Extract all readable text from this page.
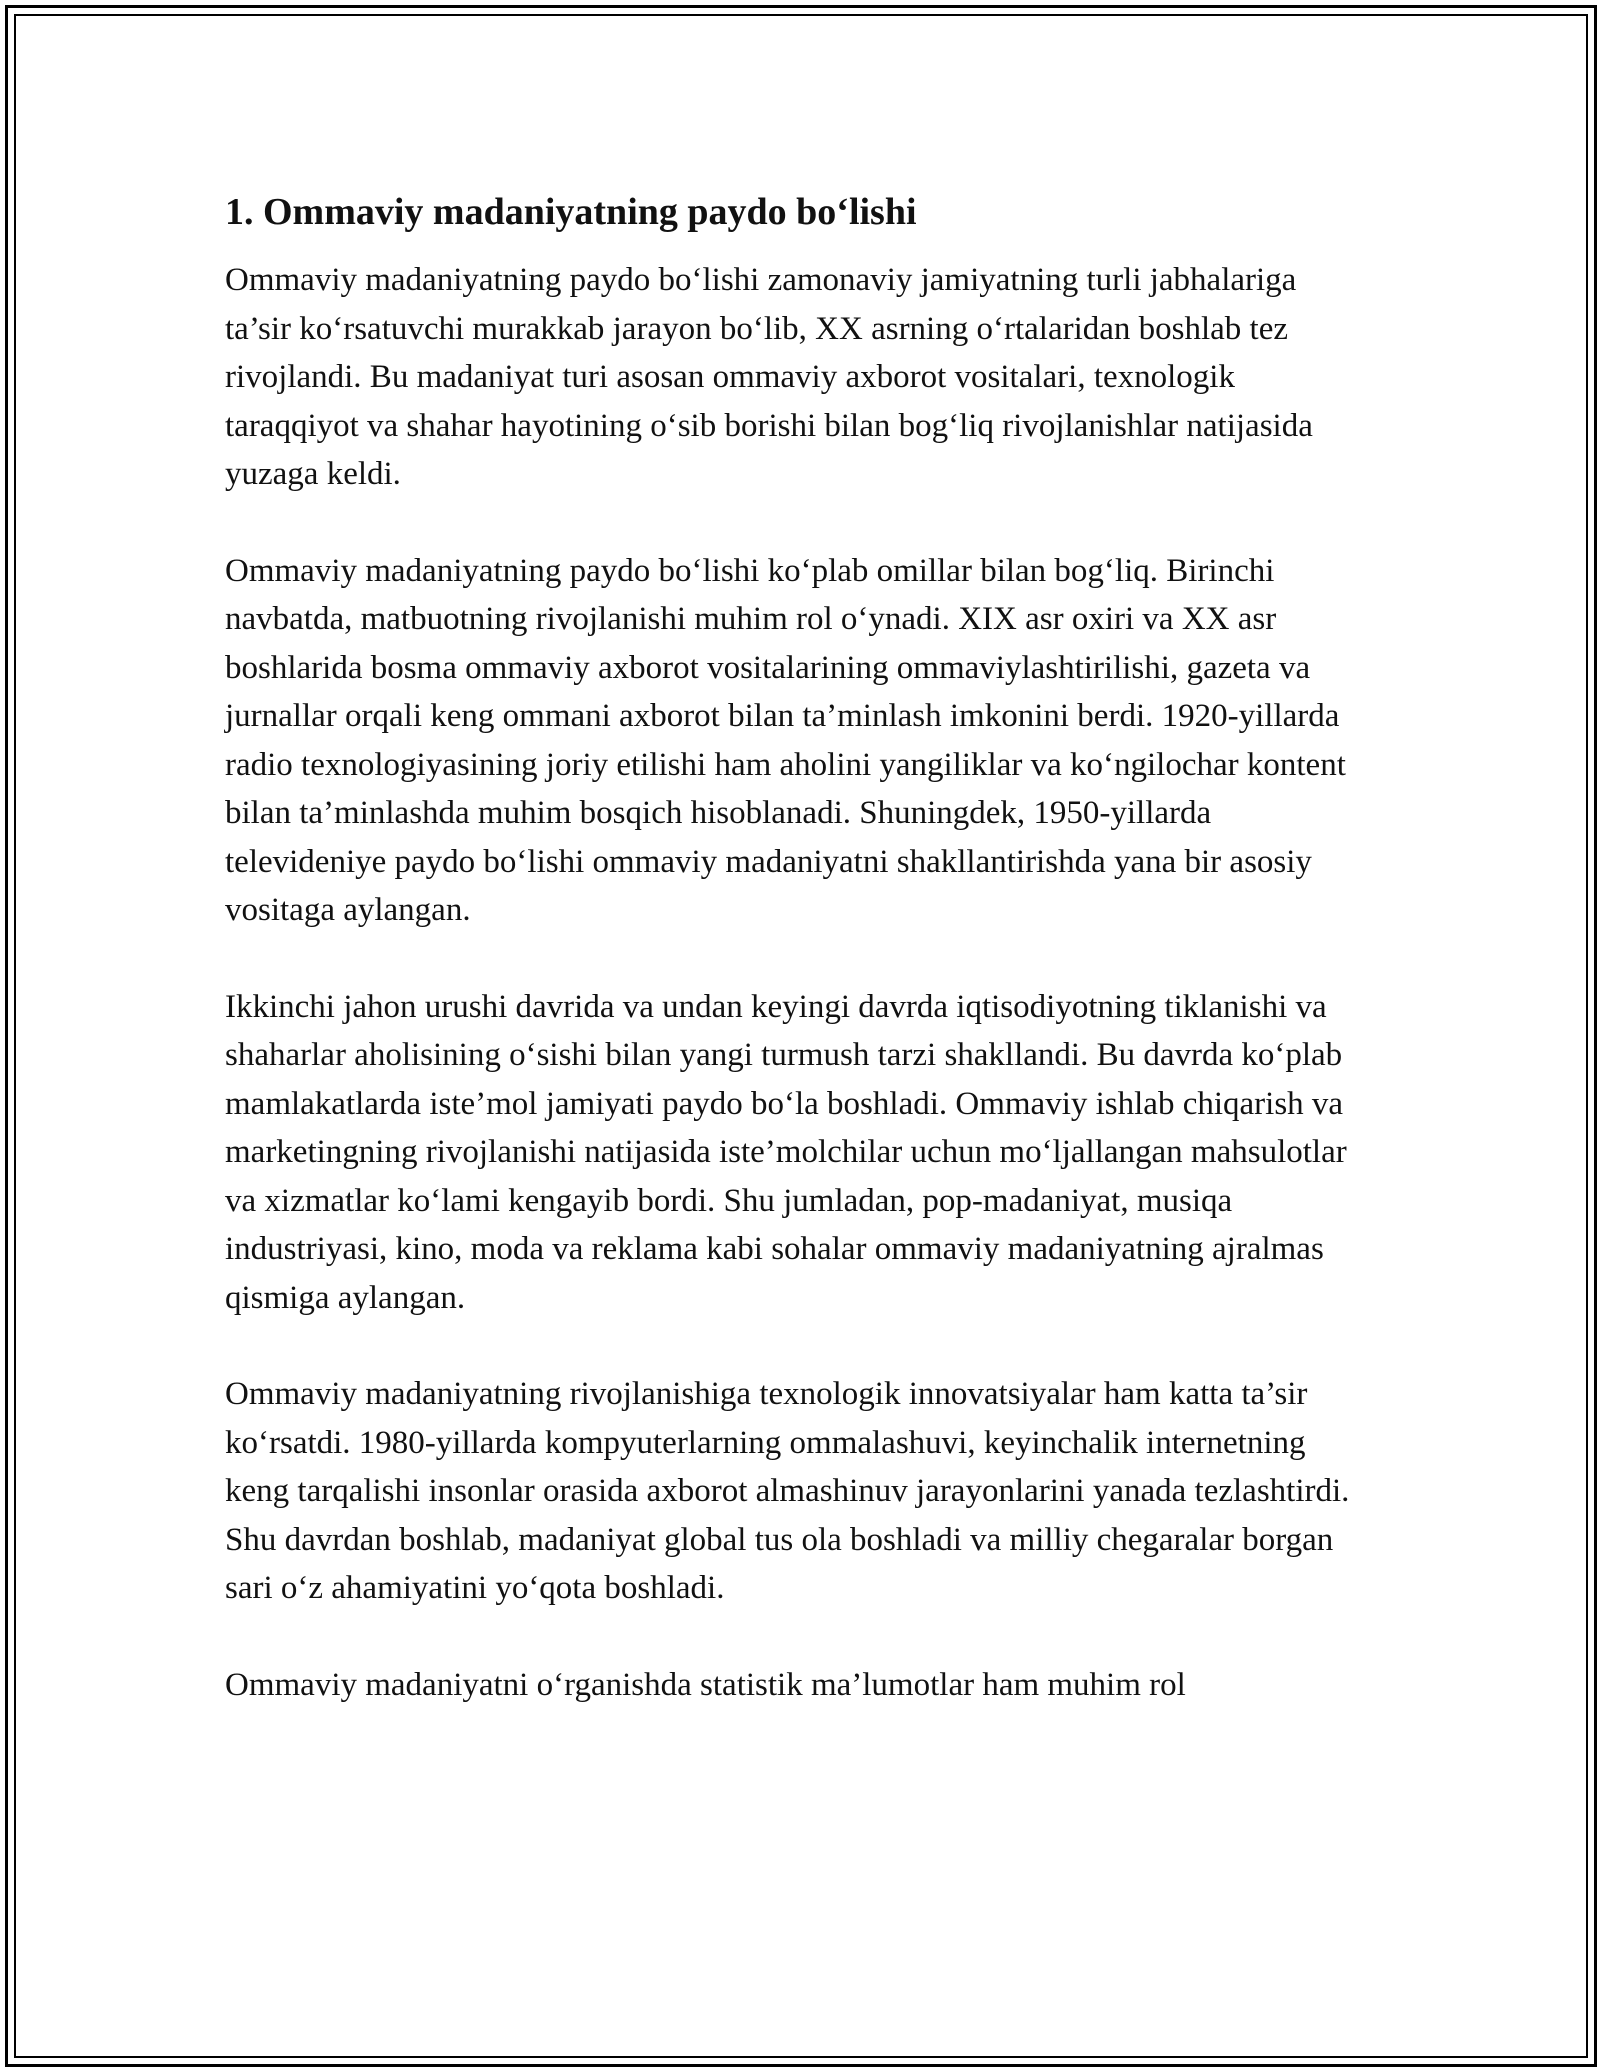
1. Ommaviy madaniyatning paydo bo‘lishi

Ommaviy madaniyatning paydo bo‘lishi zamonaviy jamiyatning turli jabhalariga ta’sir ko‘rsatuvchi murakkab jarayon bo‘lib, XX asrning o‘rtalaridan boshlab tez rivojlandi. Bu madaniyat turi asosan ommaviy axborot vositalari, texnologik taraqqiyot va shahar hayotining o‘sib borishi bilan bog‘liq rivojlanishlar natijasida yuzaga keldi.

Ommaviy madaniyatning paydo bo‘lishi ko‘plab omillar bilan bog‘liq. Birinchi navbatda, matbuotning rivojlanishi muhim rol o‘ynadi. XIX asr oxiri va XX asr boshlarida bosma ommaviy axborot vositalarining ommaviylashtirilishi, gazeta va jurnallar orqali keng ommani axborot bilan ta’minlash imkonini berdi. 1920-yillarda radio texnologiyasining joriy etilishi ham aholini yangiliklar va ko‘ngilochar kontent bilan ta’minlashda muhim bosqich hisoblanadi. Shuningdek, 1950-yillarda televideniye paydo bo‘lishi ommaviy madaniyatni shakllantirishda yana bir asosiy vositaga aylangan.

Ikkinchi jahon urushi davrida va undan keyingi davrda iqtisodiyotning tiklanishi va shaharlar aholisining o‘sishi bilan yangi turmush tarzi shakllandi. Bu davrda ko‘plab mamlakatlarda iste’mol jamiyati paydo bo‘la boshladi. Ommaviy ishlab chiqarish va marketingning rivojlanishi natijasida iste’molchilar uchun mo‘ljallangan mahsulotlar va xizmatlar ko‘lami kengayib bordi. Shu jumladan, pop-madaniyat, musiqa industriyasi, kino, moda va reklama kabi sohalar ommaviy madaniyatning ajralmas qismiga aylangan.

Ommaviy madaniyatning rivojlanishiga texnologik innovatsiyalar ham katta ta’sir ko‘rsatdi. 1980-yillarda kompyuterlarning ommalashuvi, keyinchalik internetning keng tarqalishi insonlar orasida axborot almashinuv jarayonlarini yanada tezlashtirdi. Shu davrdan boshlab, madaniyat global tus ola boshladi va milliy chegaralar borgan sari o‘z ahamiyatini yo‘qota boshladi.

Ommaviy madaniyatni o‘rganishda statistik ma’lumotlar ham muhim rol
